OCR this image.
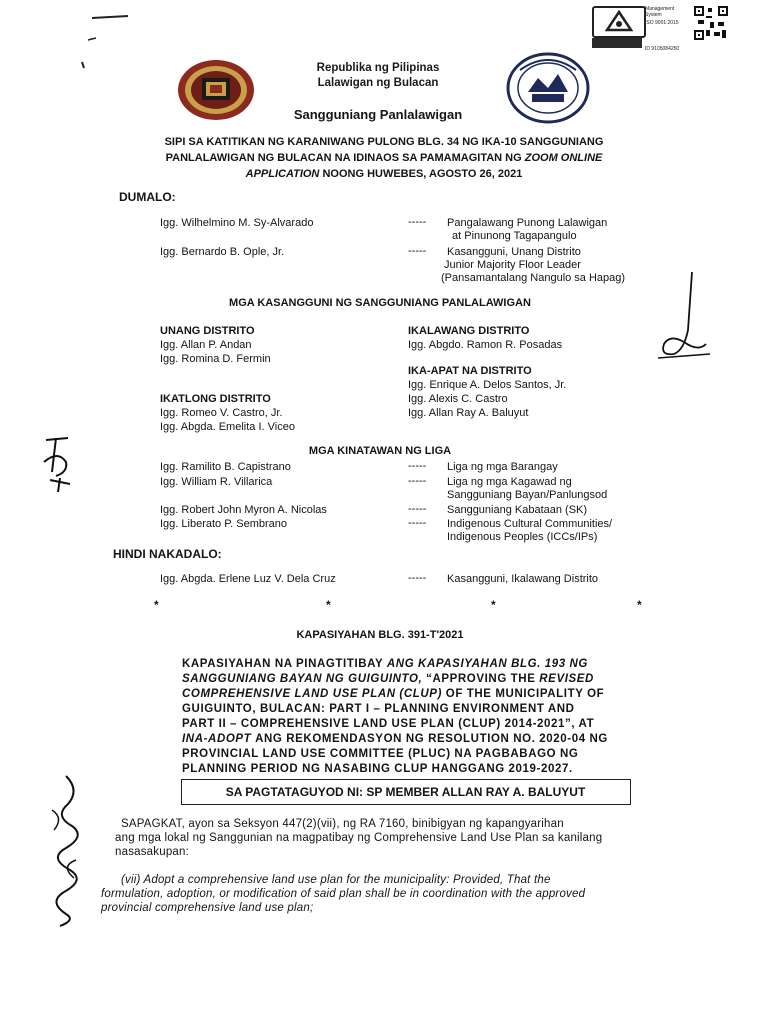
Republika ng Pilipinas
Lalawigan ng Bulacan
Sangguniang Panlalawigan
Management System
ISO 9001:2015
ID 9105084250
SIPI SA KATITIKAN NG KARANIWANG PULONG BLG. 34 NG IKA-10 SANGGUNIANG
PANLALAWIGAN NG BULACAN NA IDINAOS SA PAMAMAGITAN NG ZOOM ONLINE
APPLICATION NOONG HUWEBES, AGOSTO 26, 2021
DUMALO:
Igg. Wilhelmino M. Sy-Alvarado	----- Pangalawang Punong Lalawigan
at Pinunong Tagapangulo
Igg. Bernardo B. Ople, Jr.	----- Kasangguni, Unang Distrito
Junior Majority Floor Leader
(Pansamantalang Nangulo sa Hapag)
MGA KASANGGUNI NG SANGGUNIANG PANLALAWIGAN
UNANG DISTRITO
Igg. Allan P. Andan
Igg. Romina D. Fermin
IKALAWANG DISTRITO
Igg. Abgdo. Ramon R. Posadas
IKA-APAT NA DISTRITO
Igg. Enrique A. Delos Santos, Jr.
Igg. Alexis C. Castro
Igg. Allan Ray A. Baluyut
IKATLONG DISTRITO
Igg. Romeo V. Castro, Jr.
Igg. Abgda. Emelita I. Viceo
MGA KINATAWAN NG LIGA
Igg. Ramilito B. Capistrano	----- Liga ng mga Barangay
Igg. William R. Villarica	----- Liga ng mga Kagawad ng
Sangguniang Bayan/Panlungsod
Igg. Robert John Myron A. Nicolas	----- Sangguniang Kabataan (SK)
Igg. Liberato P. Sembrano	----- Indigenous Cultural Communities/
Indigenous Peoples (ICCs/IPs)
HINDI NAKADALO:
Igg. Abgda. Erlene Luz V. Dela Cruz	----- Kasangguni, Ikalawang Distrito
*	*	*	*
KAPASIYAHAN BLG. 391-T'2021
KAPASIYAHAN NA PINAGTITIBAY ANG KAPASIYAHAN BLG. 193 NG
SANGGUNIANG BAYAN NG GUIGUINTO, “APPROVING THE REVISED
COMPREHENSIVE LAND USE PLAN (CLUP) OF THE MUNICIPALITY OF
GUIGUINTO, BULACAN: PART I – PLANNING ENVIRONMENT AND
PART II – COMPREHENSIVE LAND USE PLAN (CLUP) 2014-2021”, AT
INA-ADOPT ANG REKOMENDASYON NG RESOLUTION NO. 2020-04 NG
PROVINCIAL LAND USE COMMITTEE (PLUC) NA PAGBABAGO NG
PLANNING PERIOD NG NASABING CLUP HANGGANG 2019-2027.
SA PAGTATAGUYOD NI: SP MEMBER ALLAN RAY A. BALUYUT
SAPAGKAT, ayon sa Seksyon 447(2)(vii), ng RA 7160, binibigyan ng kapangyarihan
ang mga lokal ng Sanggunian na magpatibay ng Comprehensive Land Use Plan sa kanilang
nasasakupan:
(vii) Adopt a comprehensive land use plan for the municipality: Provided, That the
formulation, adoption, or modification of said plan shall be in coordination with the approved
provincial comprehensive land use plan;
